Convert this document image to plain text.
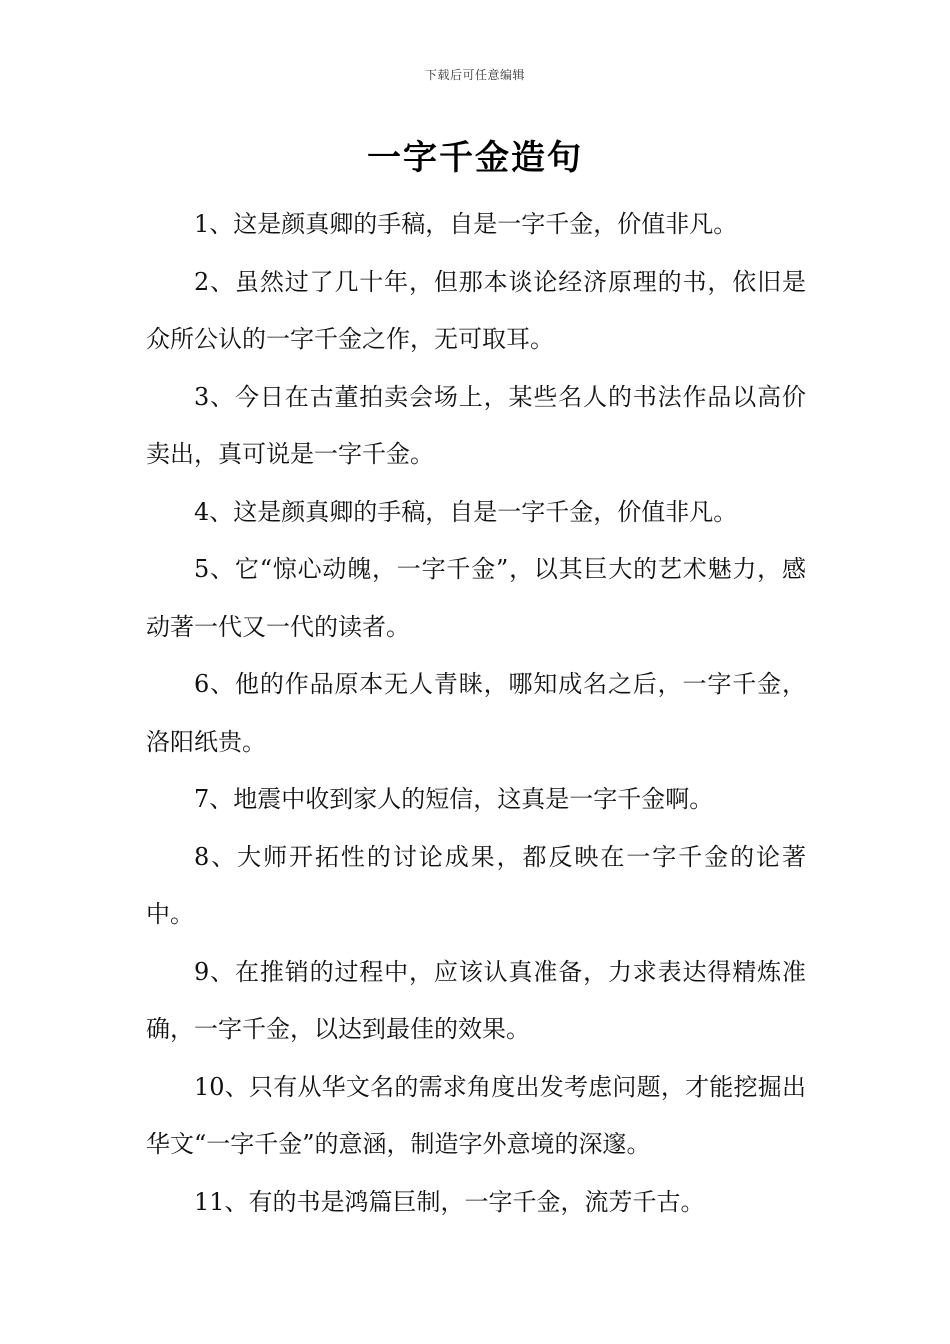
下载后可任意编辑
一字千金造句

1、这是颜真卿的手稿，自是一字千金，价值非凡。

2、虽然过了几十年，但那本谈论经济原理的书，依旧是众所公认的一字千金之作，无可取耳。

3、今日在古董拍卖会场上，某些名人的书法作品以高价卖出，真可说是一字千金。

4、这是颜真卿的手稿，自是一字千金，价值非凡。

5、它“惊心动魄，一字千金”，以其巨大的艺术魅力，感动著一代又一代的读者。

6、他的作品原本无人青睐，哪知成名之后，一字千金，洛阳纸贵。

7、地震中收到家人的短信，这真是一字千金啊。

8、大师开拓性的讨论成果，都反映在一字千金的论著中。

9、在推销的过程中，应该认真准备，力求表达得精炼准确，一字千金，以达到最佳的效果。

10、只有从华文名的需求角度出发考虑问题，才能挖掘出华文“一字千金”的意涵，制造字外意境的深邃。

11、有的书是鸿篇巨制，一字千金，流芳千古。
